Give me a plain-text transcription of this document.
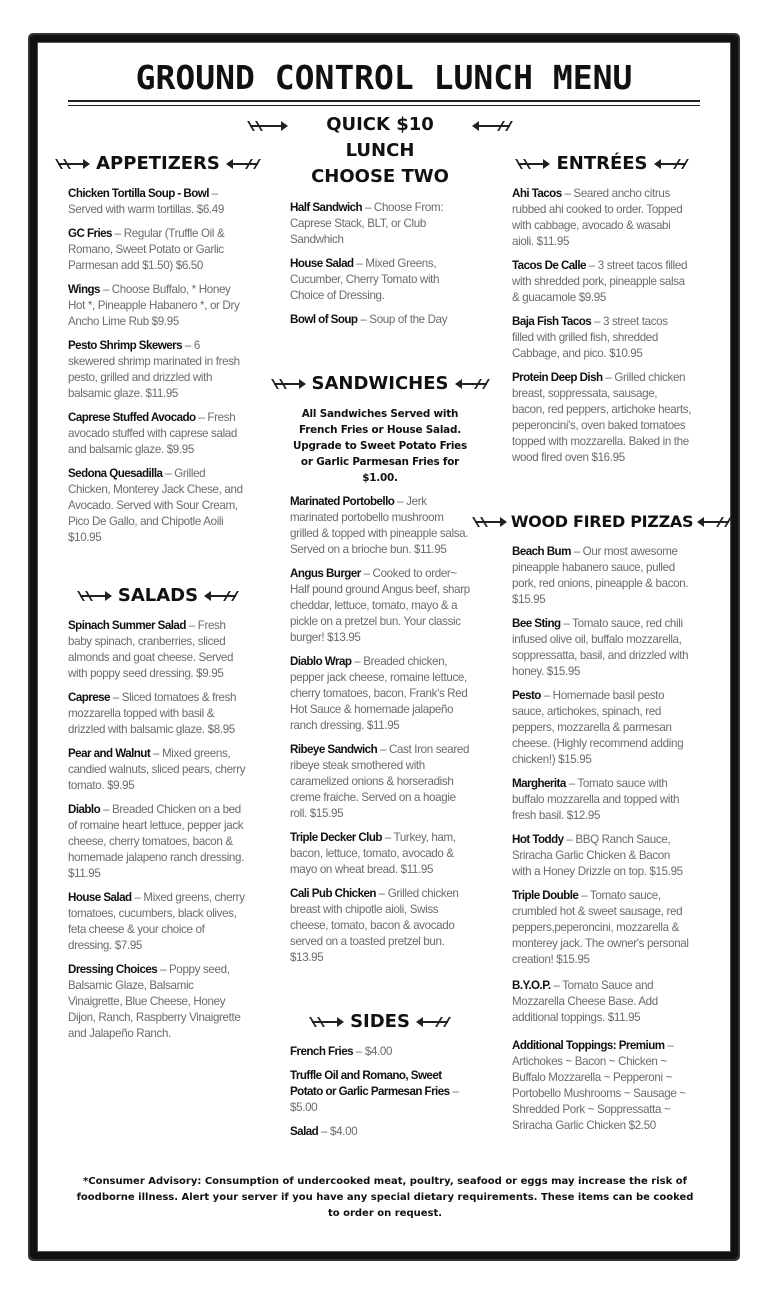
GROUND CONTROL LUNCH MENU
APPETIZERS
Chicken Tortilla Soup - Bowl – Served with warm tortillas. $6.49
GC Fries – Regular (Truffle Oil & Romano, Sweet Potato or Garlic Parmesan add $1.50) $6.50
Wings – Choose Buffalo, * Honey Hot *, Pineapple Habanero *, or Dry Ancho Lime Rub $9.95
Pesto Shrimp Skewers – 6 skewered shrimp marinated in fresh pesto, grilled and drizzled with balsamic glaze. $11.95
Caprese Stuffed Avocado – Fresh avocado stuffed with caprese salad and balsamic glaze. $9.95
Sedona Quesadilla – Grilled Chicken, Monterey Jack Chese, and Avocado. Served with Sour Cream, Pico De Gallo, and Chipotle Aoili $10.95
SALADS
Spinach Summer Salad – Fresh baby spinach, cranberries, sliced almonds and goat cheese. Served with poppy seed dressing. $9.95
Caprese – Sliced tomatoes & fresh mozzarella topped with basil & drizzled with balsamic glaze. $8.95
Pear and Walnut – Mixed greens, candied walnuts, sliced pears, cherry tomato. $9.95
Diablo – Breaded Chicken on a bed of romaine heart lettuce, pepper jack cheese, cherry tomatoes, bacon & homemade jalapeno ranch dressing. $11.95
House Salad – Mixed greens, cherry tomatoes, cucumbers, black olives, feta cheese & your choice of dressing. $7.95
Dressing Choices – Poppy seed, Balsamic Glaze, Balsamic Vinaigrette, Blue Cheese, Honey Dijon, Ranch, Raspberry Vinaigrette and Jalapeño Ranch.
QUICK $10 LUNCH
CHOOSE TWO
Half Sandwich – Choose From: Caprese Stack, BLT, or Club Sandwhich
House Salad – Mixed Greens, Cucumber, Cherry Tomato with Choice of Dressing.
Bowl of Soup – Soup of the Day
SANDWICHES
All Sandwiches Served with French Fries or House Salad. Upgrade to Sweet Potato Fries or Garlic Parmesan Fries for $1.00.
Marinated Portobello – Jerk marinated portobello mushroom grilled & topped with pineapple salsa. Served on a brioche bun. $11.95
Angus Burger – Cooked to order~ Half pound ground Angus beef, sharp cheddar, lettuce, tomato, mayo & a pickle on a pretzel bun. Your classic burger! $13.95
Diablo Wrap – Breaded chicken, pepper jack cheese, romaine lettuce, cherry tomatoes, bacon, Frank's Red Hot Sauce & homemade jalapeño ranch dressing. $11.95
Ribeye Sandwich – Cast Iron seared ribeye steak smothered with caramelized onions & horseradish creme fraiche. Served on a hoagie roll. $15.95
Triple Decker Club – Turkey, ham, bacon, lettuce, tomato, avocado & mayo on wheat bread. $11.95
Cali Pub Chicken – Grilled chicken breast with chipotle aioli, Swiss cheese, tomato, bacon & avocado served on a toasted pretzel bun. $13.95
SIDES
French Fries – $4.00
Truffle Oil and Romano, Sweet Potato or Garlic Parmesan Fries – $5.00
Salad – $4.00
ENTRÉES
Ahi Tacos – Seared ancho citrus rubbed ahi cooked to order. Topped with cabbage, avocado & wasabi aioli. $11.95
Tacos De Calle – 3 street tacos filled with shredded pork, pineapple salsa & guacamole $9.95
Baja Fish Tacos – 3 street tacos filled with grilled fish, shredded Cabbage, and pico. $10.95
Protein Deep Dish – Grilled chicken breast, soppressata, sausage, bacon, red peppers, artichoke hearts, peperoncini's, oven baked tomatoes topped with mozzarella. Baked in the wood fired oven $16.95
WOOD FIRED PIZZAS
Beach Bum – Our most awesome pineapple habanero sauce, pulled pork, red onions, pineapple & bacon. $15.95
Bee Sting – Tomato sauce, red chili infused olive oil, buffalo mozzarella, soppressatta, basil, and drizzled with honey. $15.95
Pesto – Homemade basil pesto sauce, artichokes, spinach, red peppers, mozzarella & parmesan cheese. (Highly recommend adding chicken!) $15.95
Margherita – Tomato sauce with buffalo mozzarella and topped with fresh basil. $12.95
Hot Toddy – BBQ Ranch Sauce, Sriracha Garlic Chicken & Bacon with a Honey Drizzle on top. $15.95
Triple Double – Tomato sauce, crumbled hot & sweet sausage, red peppers,peperoncini, mozzarella & monterey jack. The owner's personal creation! $15.95
B.Y.O.P. – Tomato Sauce and Mozzarella Cheese Base. Add additional toppings. $11.95
Additional Toppings: Premium – Artichokes ~ Bacon ~ Chicken ~ Buffalo Mozzarella ~ Pepperoni ~ Portobello Mushrooms ~ Sausage ~ Shredded Pork ~ Soppressatta ~ Sriracha Garlic Chicken $2.50
*Consumer Advisory: Consumption of undercooked meat, poultry, seafood or eggs may increase the risk of foodborne illness. Alert your server if you have any special dietary requirements. These items can be cooked to order on request.
